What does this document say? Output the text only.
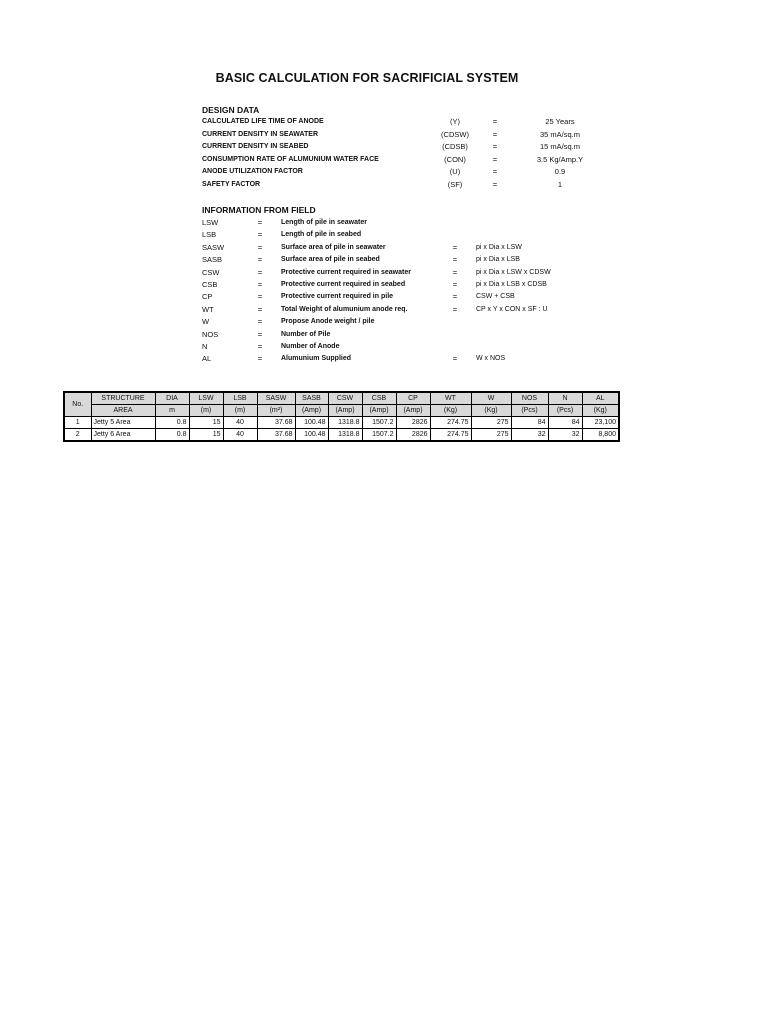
BASIC CALCULATION FOR SACRIFICIAL SYSTEM
DESIGN DATA
CALCULATED LIFE TIME OF ANODE	(Y)	=	25 Years
CURRENT DENSITY IN SEAWATER	(CDSW)	=	35 mA/sq.m
CURRENT DENSITY IN SEABED	(CDSB)	=	15 mA/sq.m
CONSUMPTION RATE OF ALUMUNIUM WATER FACE	(CON)	=	3.5 Kg/Amp.Y
ANODE UTILIZATION FACTOR	(U)	=	0.9
SAFETY FACTOR	(SF)	=	1
INFORMATION FROM FIELD
LSW	=	Length of pile in seawater
LSB	=	Length of pile in seabed
SASW	=	Surface area of pile in seawater	=	pi x Dia x LSW
SASB	=	Surface area of pile in seabed	=	pi x Dia x LSB
CSW	=	Protective current required in seawater	=	pi x Dia x LSW x CDSW
CSB	=	Protective current required in seabed	=	pi x Dia x LSB x CDSB
CP	=	Protective current required in pile	=	CSW + CSB
WT	=	Total Weight of alumunium anode req.	=	CP x Y x CON x SF : U
W	=	Propose Anode weight / pile
NOS	=	Number of Pile
N	=	Number of Anode
AL	=	Alumunium Supplied	=	W x NOS
No.	STRUCTURE	DIA	LSW	LSB	SASW	SASB	CSW	CSB	CP	WT	W	NOS	N	AL
	AREA	m	(m)	(m)	(m²)	(Amp)	(Amp)	(Amp)	(Amp)	(Kg)	(Kg)	(Pcs)	(Pcs)	(Kg)
1	Jetty 5 Area	0.8	15	40	37.68	100.48	1318.8	1507.2	2826	274.75	275	84	84	23,100
2	Jetty 6 Area	0.8	15	40	37.68	100.48	1318.8	1507.2	2826	274.75	275	32	32	8,800
